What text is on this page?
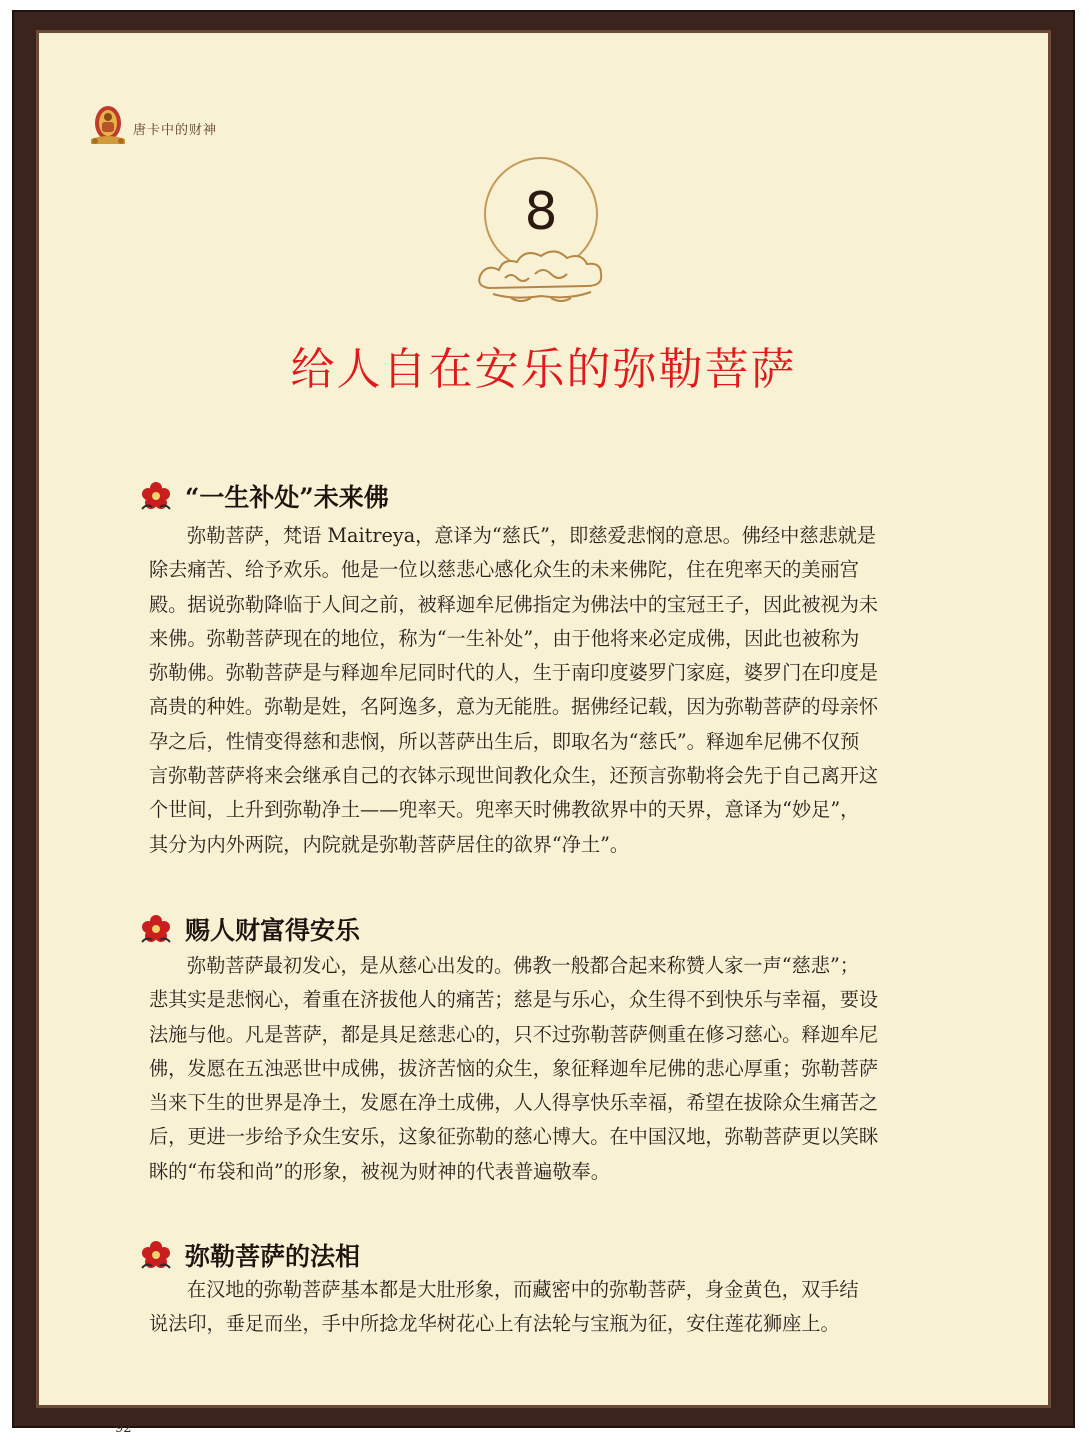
唐卡中的财神
8
给人自在安乐的弥勒菩萨
“一生补处”未来佛
弥勒菩萨，梵语 Maitreya，意译为“慈氏”，即慈爱悲悯的意思。佛经中慈悲就是
除去痛苦、给予欢乐。他是一位以慈悲心感化众生的未来佛陀，住在兜率天的美丽宫
殿。据说弥勒降临于人间之前，被释迦牟尼佛指定为佛法中的宝冠王子，因此被视为未
来佛。弥勒菩萨现在的地位，称为“一生补处”，由于他将来必定成佛，因此也被称为
弥勒佛。弥勒菩萨是与释迦牟尼同时代的人，生于南印度婆罗门家庭，婆罗门在印度是
高贵的种姓。弥勒是姓，名阿逸多，意为无能胜。据佛经记载，因为弥勒菩萨的母亲怀
孕之后，性情变得慈和悲悯，所以菩萨出生后，即取名为“慈氏”。释迦牟尼佛不仅预
言弥勒菩萨将来会继承自己的衣钵示现世间教化众生，还预言弥勒将会先于自己离开这
个世间，上升到弥勒净土——兜率天。兜率天时佛教欲界中的天界，意译为“妙足”，
其分为内外两院，内院就是弥勒菩萨居住的欲界“净土”。
赐人财富得安乐
弥勒菩萨最初发心，是从慈心出发的。佛教一般都合起来称赞人家一声“慈悲”；
悲其实是悲悯心，着重在济拔他人的痛苦；慈是与乐心，众生得不到快乐与幸福，要设
法施与他。凡是菩萨，都是具足慈悲心的，只不过弥勒菩萨侧重在修习慈心。释迦牟尼
佛，发愿在五浊恶世中成佛，拔济苦恼的众生，象征释迦牟尼佛的悲心厚重；弥勒菩萨
当来下生的世界是净土，发愿在净土成佛，人人得享快乐幸福，希望在拔除众生痛苦之
后，更进一步给予众生安乐，这象征弥勒的慈心博大。在中国汉地，弥勒菩萨更以笑眯
眯的“布袋和尚”的形象，被视为财神的代表普遍敬奉。
弥勒菩萨的法相
在汉地的弥勒菩萨基本都是大肚形象，而藏密中的弥勒菩萨，身金黄色，双手结
说法印，垂足而坐，手中所捻龙华树花心上有法轮与宝瓶为征，安住莲花狮座上。
92
